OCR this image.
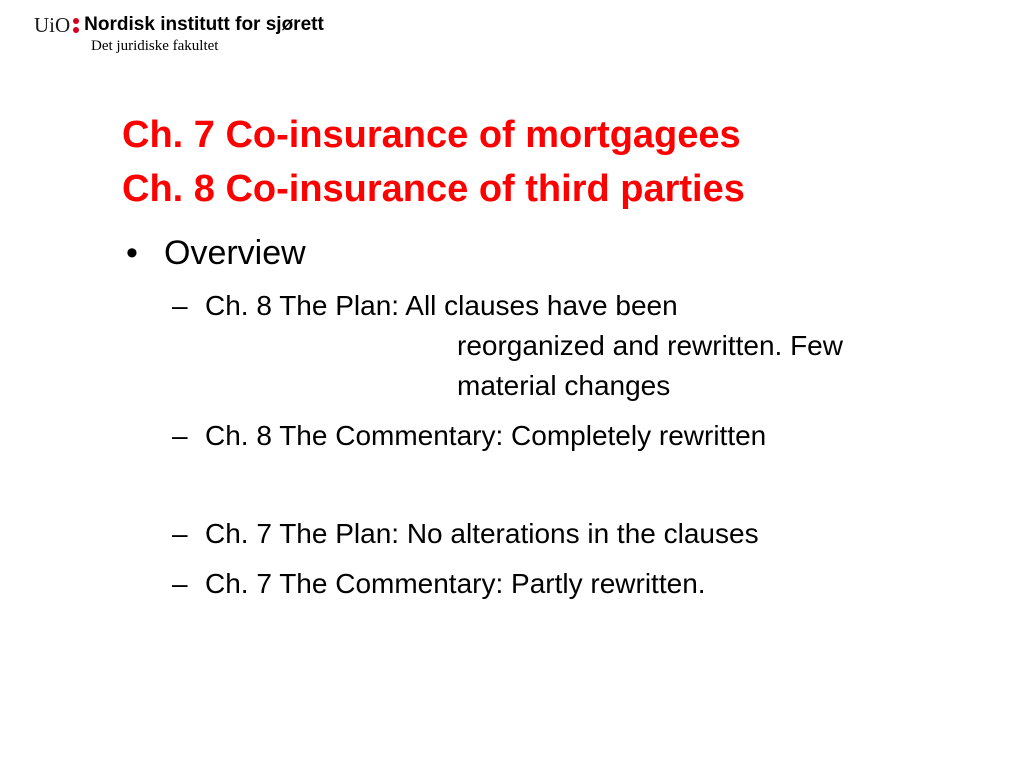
UiO Nordisk institutt for sjørett
Det juridiske fakultet
Ch. 7 Co-insurance of mortgagees
Ch. 8 Co-insurance of third parties
• Overview
– Ch. 8 The Plan: All clauses have been
reorganized and rewritten. Few
material changes
– Ch. 8 The Commentary: Completely rewritten
– Ch. 7 The Plan: No alterations in the clauses
– Ch. 7 The Commentary: Partly rewritten.
